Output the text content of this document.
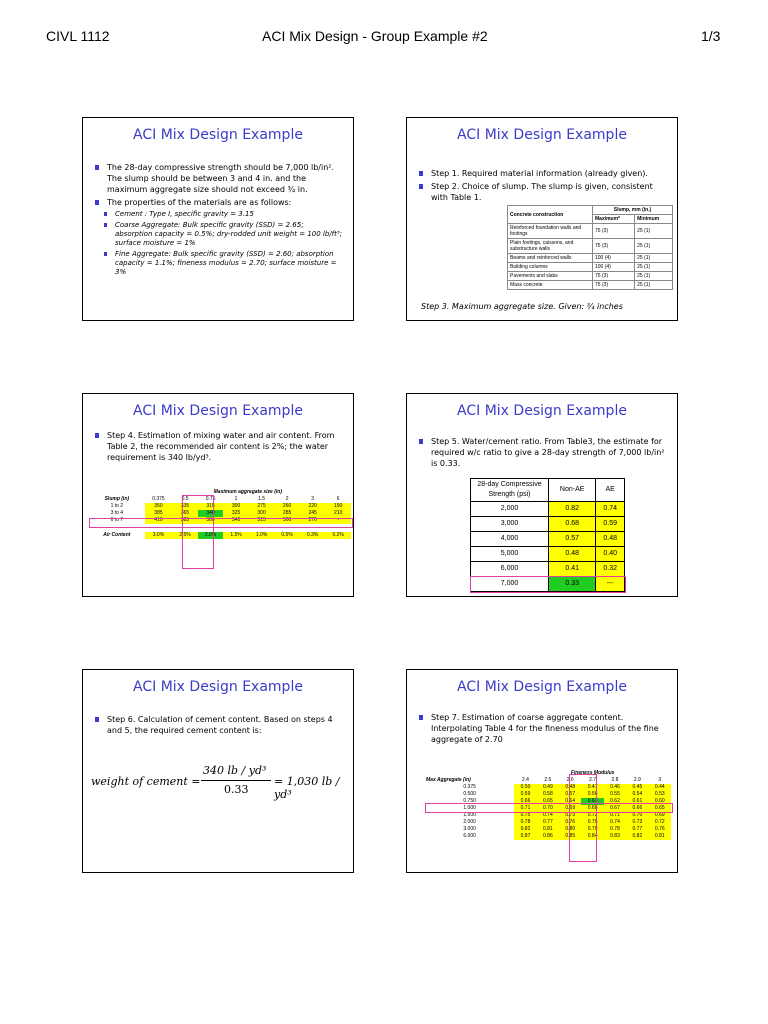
CIVL 1112	ACI Mix Design - Group Example #2	1/3
ACI Mix Design Example
The 28-day compressive strength should be 7,000 lb/in². The slump should be between 3 and 4 in. and the maximum aggregate size should not exceed ¾ in.
The properties of the materials are as follows:
Cement : Type I, specific gravity = 3.15
Coarse Aggregate: Bulk specific gravity (SSD) = 2.65; absorption capacity = 0.5%; dry-rodded unit weight = 100 lb/ft³; surface moisture = 1%
Fine Aggregate: Bulk specific gravity (SSD) = 2.60; absorption capacity = 1.1%; fineness modulus = 2.70; surface moisture = 3%
ACI Mix Design Example
Step 1. Required material information (already given).
Step 2. Choice of slump. The slump is given, consistent with Table 1.
Concrete construction	Slump, mm (in.)	
	Maximum*	Minimum
Reinforced foundation walls and footings	75 (3)	25 (1)
Plain footings, caissons, and substructure walls	75 (3)	25 (1)
Beams and reinforced walls	100 (4)	25 (1)
Building columns	100 (4)	25 (1)
Pavements and slabs	75 (3)	25 (1)
Mass concrete	75 (3)	25 (1)
Step 3. Maximum aggregate size. Given: ¾ inches
ACI Mix Design Example
Step 4. Estimation of mixing water and air content. From Table 2, the recommended air content is 2%; the water requirement is 340 lb/yd³.
	Maximum aggregate size (in)							
Slump (in)	0.375	0.5	0.75	1	1.5	2	3	6
1 to 2	350	335	315	300	275	260	220	190
3 to 4	385	365	340	325	300	285	245	210
6 to 7	410	385	360	340	315	300	270	-

Air Content	3.0%	2.5%	2.0%	1.5%	1.0%	0.5%	0.3%	0.2%
ACI Mix Design Example
Step 5. Water/cement ratio. From Table3, the estimate for required w/c ratio to give a 28-day strength of 7,000 lb/in² is 0.33.
28-day Compressive Strength (psi)	Non-AE	AE
2,000	0.82	0.74
3,000	0.68	0.59
4,000	0.57	0.48
5,000	0.48	0.40
6,000	0.41	0.32
7,000	0.33	---
ACI Mix Design Example
Step 6. Calculation of cement content. Based on steps 4 and 5, the required cement content is:
weight of cement =
340 lb / yd³
0.33
= 1,030 lb / yd³
ACI Mix Design Example
Step 7. Estimation of coarse aggregate content. Interpolating Table 4 for the fineness modulus of the fine aggregate of 2.70
	Fineness Modulus						
Max Aggregate (in)	2.4	2.5	2.6	2.7	2.8	2.9	3
0.375	0.50	0.49	0.48	0.47	0.46	0.45	0.44
0.500	0.59	0.58	0.57	0.56	0.55	0.54	0.53
0.750	0.66	0.65	0.64	0.63	0.62	0.61	0.60
1.000	0.71	0.70	0.69	0.68	0.67	0.66	0.65
1.500	0.75	0.74	0.73	0.72	0.71	0.70	0.69
2.000	0.78	0.77	0.76	0.75	0.74	0.73	0.72
3.000	0.82	0.81	0.80	0.79	0.78	0.77	0.76
6.000	0.87	0.86	0.85	0.84	0.83	0.82	0.81
